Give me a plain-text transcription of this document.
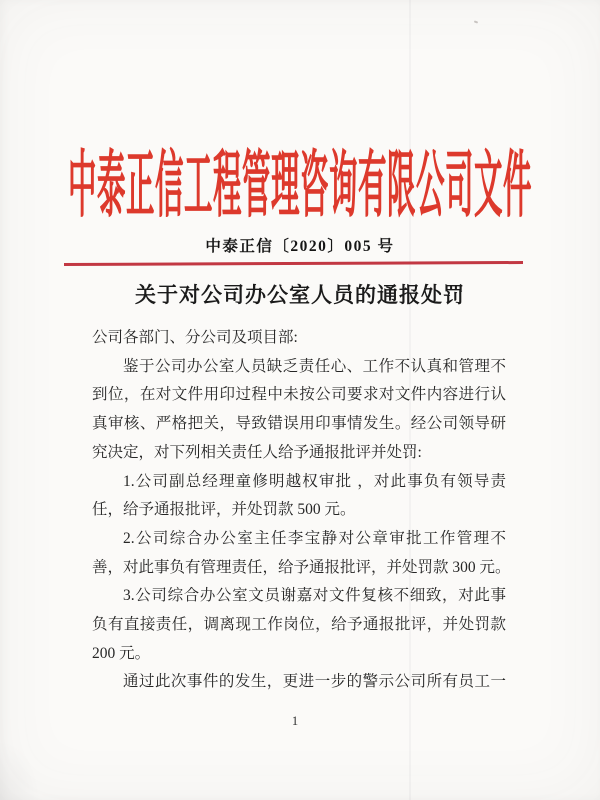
中泰正信工程管理咨询有限公司文件
中泰正信〔2020〕005 号
关于对公司办公室人员的通报处罚
公司各部门、分公司及项目部:
鉴于公司办公室人员缺乏责任心、工作不认真和管理不
到位，在对文件用印过程中未按公司要求对文件内容进行认
真审核、严格把关，导致错误用印事情发生。经公司领导研
究决定，对下列相关责任人给予通报批评并处罚:
1.公司副总经理童修明越权审批 ，对此事负有领导责
任，给予通报批评，并处罚款 500 元。
2.公司综合办公室主任李宝静对公章审批工作管理不
善，对此事负有管理责任，给予通报批评，并处罚款 300 元。
3.公司综合办公室文员谢嘉对文件复核不细致，对此事
负有直接责任，调离现工作岗位，给予通报批评，并处罚款
200 元。
通过此次事件的发生，更进一步的警示公司所有员工一
1
